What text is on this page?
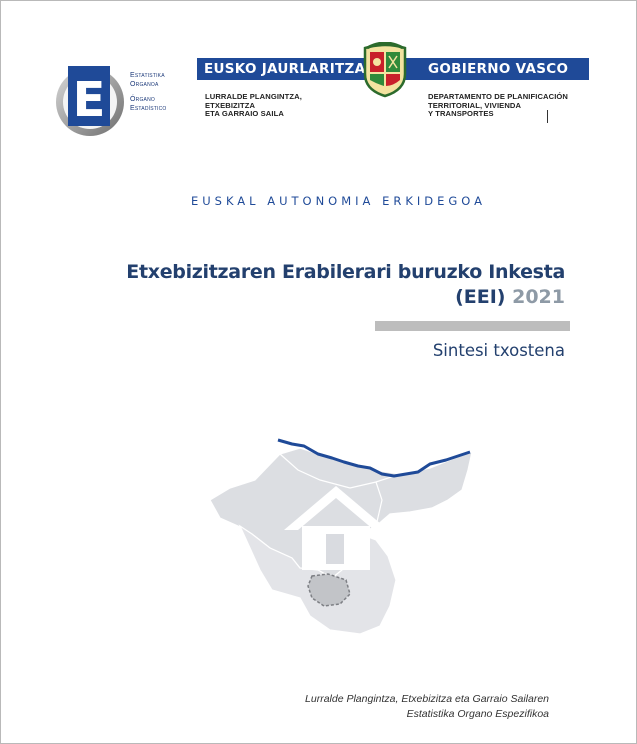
E	Estatistika
Organoa
Órgano
Estadístico
EUSKO JAURLARITZA	GOBIERNO VASCO
LURRALDE PLANGINTZA,
ETXEBIZITZA
ETA GARRAIO SAILA
DEPARTAMENTO DE PLANIFICACIÓN
TERRITORIAL, VIVIENDA
Y TRANSPORTES
EUSKAL AUTONOMIA ERKIDEGOA
Etxebizitzaren Erabilerari buruzko Inkesta
(EEI) 2021
Sintesi txostena
Lurralde Plangintza, Etxebizitza eta Garraio Sailaren
Estatistika Organo Espezifikoa
